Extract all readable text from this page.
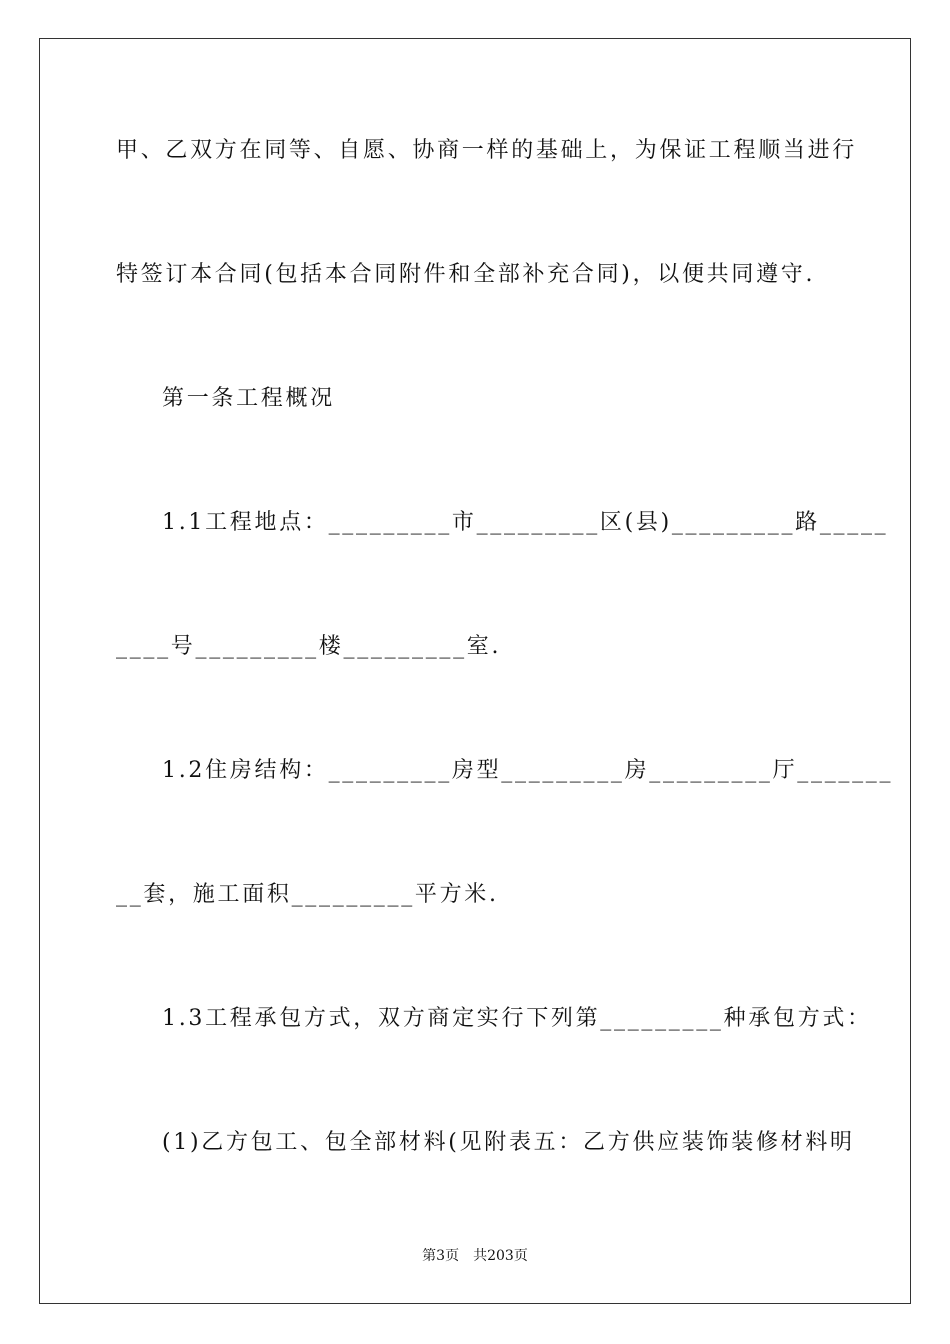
甲、乙双方在同等、自愿、协商一样的基础上，为保证工程顺当进行

特签订本合同(包括本合同附件和全部补充合同)，以便共同遵守.

第一条工程概况

1.1工程地点：_________市_________区(县)_________路_____

____号_________楼_________室.

1.2住房结构：_________房型_________房_________厅_______

__套，施工面积_________平方米.

1.3工程承包方式，双方商定实行下列第_________种承包方式：

(1)乙方包工、包全部材料(见附表五：乙方供应装饰装修材料明

第3页 共203页
